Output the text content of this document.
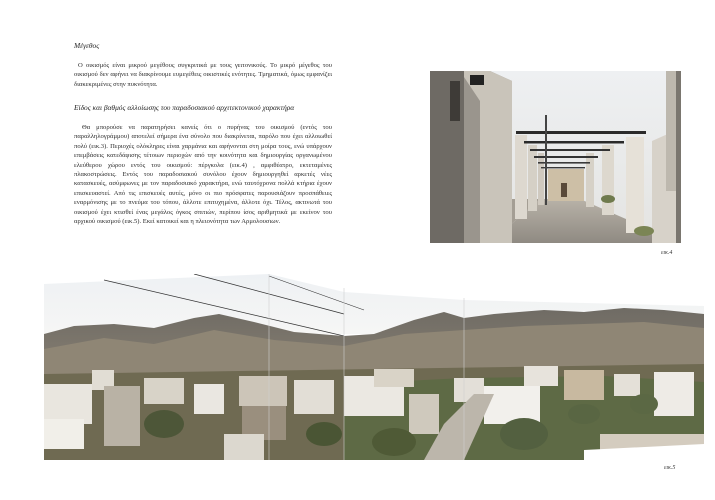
Μέγεθος
Ο οικισμός είναι μικρού μεγέθους συγκριτικά με τους γειτονικούς. Το μικρό μέγεθος του οικισμού δεν αφήνει να διακρίνουμε ευμεγέθεις οικιστικές ενότητες. Τμηματικά, όμως εμφανίζει διακεκριμένες στην πυκνότητα.
Είδος και βαθμός αλλοίωσης του παραδοσιακού αρχιτεκτονικού χαρακτήρα
Θα μπορούσε να παρατηρήσει κανείς ότι ο πυρήνας του οικισμού (εντός του παραλληλογράμμου) αποτελεί σήμερα ένα σύνολο που διακρίνεται, παρόλο που έχει αλλοιωθεί πολύ (εικ.3). Περιοχές ολόκληρες είναι χαρμάνια και αφήνονται στη μοίρα τους, ενώ υπάρχουν επεμβάσεις κατεδάφισης τέτοιων περιοχών από την κοινότητα και δημιουργίας οργανωμένου ελεύθερου χώρου εντός του οικισμού: πέργκολα (εικ.4) , αμφιθέατρο, εκτεταμένες πλακοστρώσεις. Εντός του παραδοσιακού συνόλου έχουν δημιουργηθεί αρκετές νέες κατασκευές, ασύμφωνες με τον παραδοσιακό χαρακτήρα, ενώ ταυτόχρονα πολλά κτήρια έχουν επισκευαστεί. Από τις επισκευές αυτές, μόνο οι πιο πρόσφατες παρουσιάζουν προσπάθειες εναρμόνισης με το πνεύμα του τόπου, άλλοτε επιτυχημένα, άλλοτε όχι. Τέλος, ακτινωτά του οικισμού έχει κτισθεί ένας μεγάλος όγκος σπιτιών, περίπου ίσος αριθμητικά με εκείνον του αρχικού οικισμού (εικ.5). Εκεί κατοικεί και η πλειονότητα των Αρμολουσιων.
εικ.4
εικ.5
